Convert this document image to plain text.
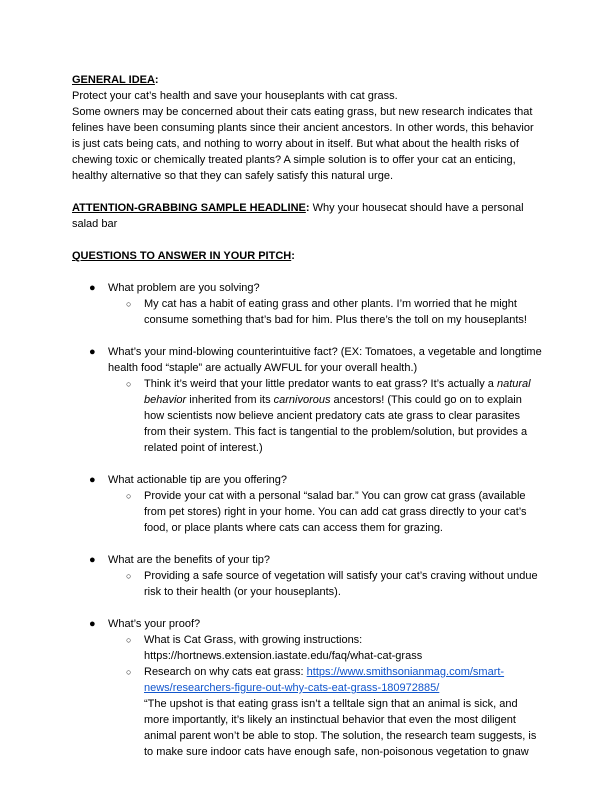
GENERAL IDEA:
Protect your cat’s health and save your houseplants with cat grass.
Some owners may be concerned about their cats eating grass, but new research indicates that felines have been consuming plants since their ancient ancestors. In other words, this behavior is just cats being cats, and nothing to worry about in itself. But what about the health risks of chewing toxic or chemically treated plants? A simple solution is to offer your cat an enticing, healthy alternative so that they can safely satisfy this natural urge.
ATTENTION-GRABBING SAMPLE HEADLINE: Why your housecat should have a personal salad bar
QUESTIONS TO ANSWER IN YOUR PITCH:
● What problem are you solving?
○ My cat has a habit of eating grass and other plants. I’m worried that he might consume something that’s bad for him. Plus there’s the toll on my houseplants!
● What’s your mind-blowing counterintuitive fact? (EX: Tomatoes, a vegetable and longtime health food “staple” are actually AWFUL for your overall health.)
○ Think it’s weird that your little predator wants to eat grass? It’s actually a natural behavior inherited from its carnivorous ancestors! (This could go on to explain how scientists now believe ancient predatory cats ate grass to clear parasites from their system. This fact is tangential to the problem/solution, but provides a related point of interest.)
● What actionable tip are you offering?
○ Provide your cat with a personal “salad bar.” You can grow cat grass (available from pet stores) right in your home. You can add cat grass directly to your cat’s food, or place plants where cats can access them for grazing.
● What are the benefits of your tip?
○ Providing a safe source of vegetation will satisfy your cat’s craving without undue risk to their health (or your houseplants).
● What’s your proof?
○ What is Cat Grass, with growing instructions:
https://hortnews.extension.iastate.edu/faq/what-cat-grass
○ Research on why cats eat grass: https://www.smithsonianmag.com/smart-news/researchers-figure-out-why-cats-eat-grass-180972885/
“The upshot is that eating grass isn’t a telltale sign that an animal is sick, and more importantly, it’s likely an instinctual behavior that even the most diligent animal parent won’t be able to stop. The solution, the research team suggests, is to make sure indoor cats have enough safe, non-poisonous vegetation to gnaw
